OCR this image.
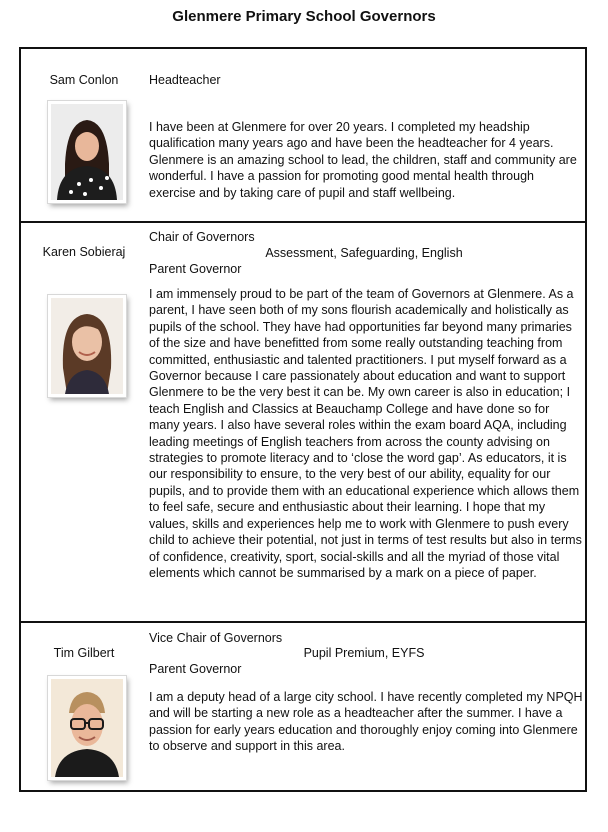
Glenmere Primary School Governors
Sam Conlon	Headteacher

I have been at Glenmere for over 20 years. I completed my headship qualification many years ago and have been the headteacher for 4 years. Glenmere is an amazing school to lead, the children, staff and community are wonderful. I have a passion for promoting good mental health through exercise and by taking care of pupil and staff wellbeing.

Karen Sobieraj
Chair of Governors
Assessment, Safeguarding, English
Parent Governor

I am immensely proud to be part of the team of Governors at Glenmere. As a parent, I have seen both of my sons flourish academically and holistically as pupils of the school. They have had opportunities far beyond many primaries of the size and have benefitted from some really outstanding teaching from committed, enthusiastic and talented practitioners. I put myself forward as a Governor because I care passionately about education and want to support Glenmere to be the very best it can be. My own career is also in education; I teach English and Classics at Beauchamp College and have done so for many years. I also have several roles within the exam board AQA, including leading meetings of English teachers from across the county advising on strategies to promote literacy and to ‘close the word gap’. As educators, it is our responsibility to ensure, to the very best of our ability, equality for our pupils, and to provide them with an educational experience which allows them to feel safe, secure and enthusiastic about their learning. I hope that my values, skills and experiences help me to work with Glenmere to push every child to achieve their potential, not just in terms of test results but also in terms of confidence, creativity, sport, social-skills and all the myriad of those vital elements which cannot be summarised by a mark on a piece of paper.

Tim Gilbert
Vice Chair of Governors
Pupil Premium, EYFS
Parent Governor

I am a deputy head of a large city school. I have recently completed my NPQH and will be starting a new role as a headteacher after the summer. I have a passion for early years education and thoroughly enjoy coming into Glenmere to observe and support in this area.
